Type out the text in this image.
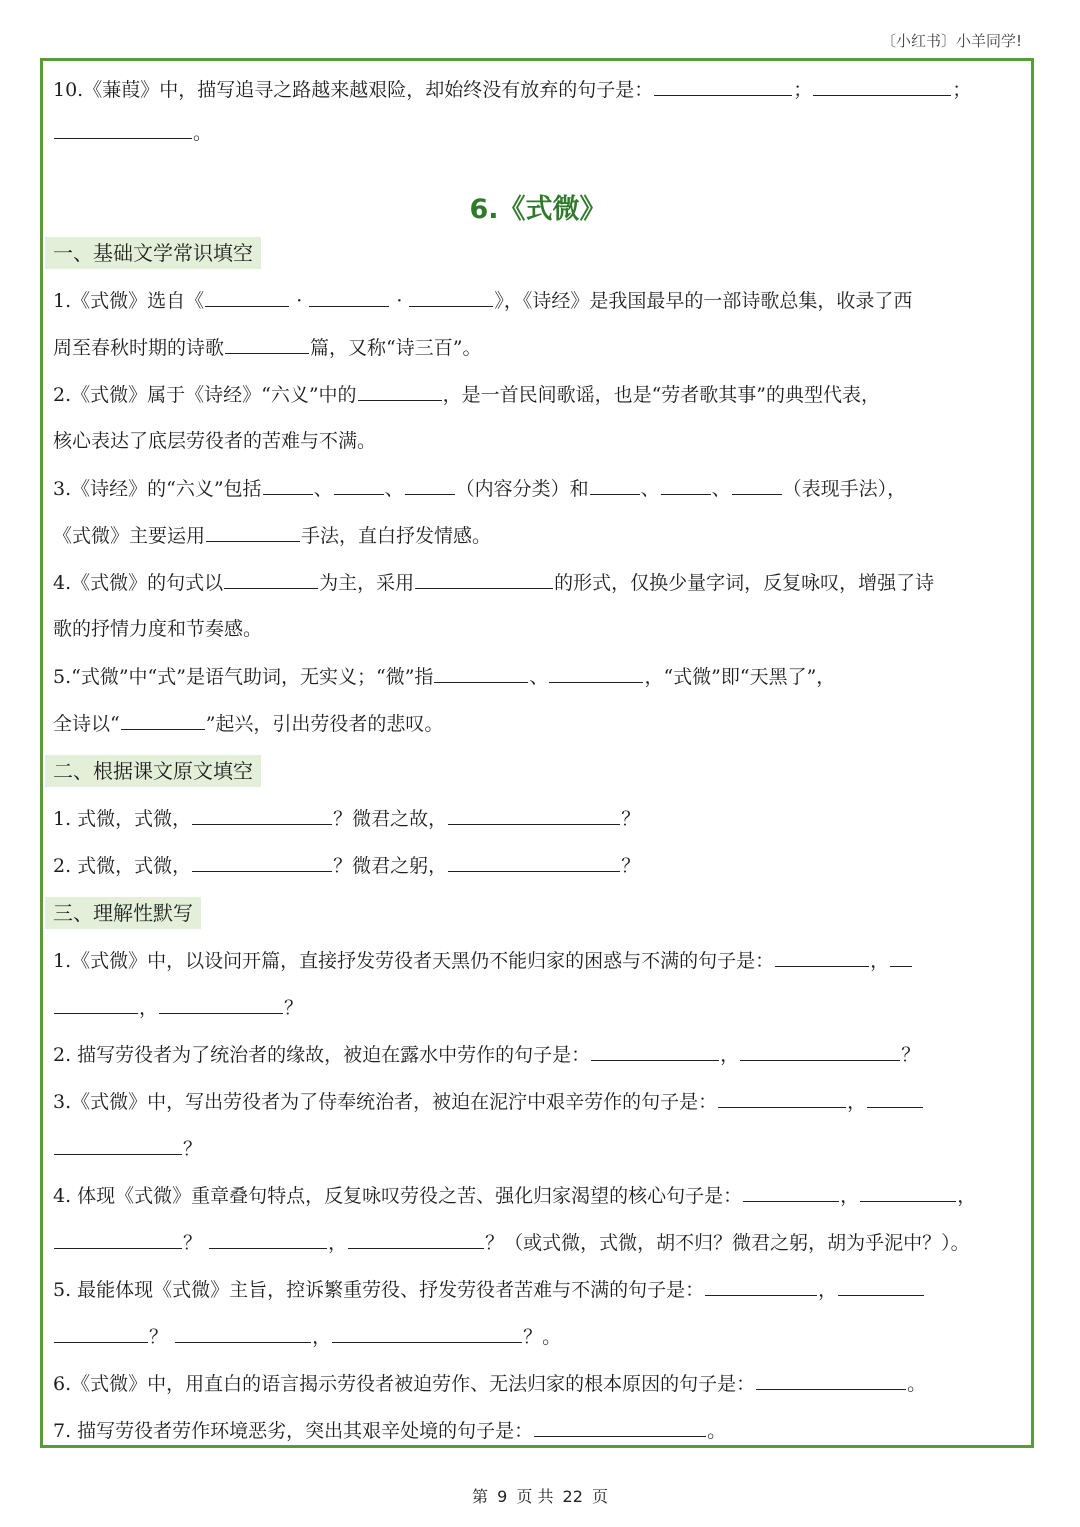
〔小红书〕小羊同学!
10.《蒹葭》中，描写追寻之路越来越艰险，却始终没有放弃的句子是：	；	；
。
6.《式微》
一、基础文学常识填空
1.《式微》选自《	·	·	》，《诗经》是我国最早的一部诗歌总集，收录了西
周至春秋时期的诗歌	篇，又称“诗三百”。
2.《式微》属于《诗经》“六义”中的	，是一首民间歌谣，也是“劳者歌其事”的典型代表，
核心表达了底层劳役者的苦难与不满。
3.《诗经》的“六义”包括	、	、	（内容分类）和	、	、	（表现手法），
《式微》主要运用	手法，直白抒发情感。
4.《式微》的句式以	为主，采用	的形式，仅换少量字词，反复咏叹，增强了诗
歌的抒情力度和节奏感。
5.“式微”中“式”是语气助词，无实义；“微”指	、	，“式微”即“天黑了”，
全诗以“	”起兴，引出劳役者的悲叹。
二、根据课文原文填空
1. 式微，式微，	？微君之故，	？
2. 式微，式微，	？微君之躬，	？
三、理解性默写
1.《式微》中，以设问开篇，直接抒发劳役者天黑仍不能归家的困惑与不满的句子是：	，
，	？
2. 描写劳役者为了统治者的缘故，被迫在露水中劳作的句子是：	，	？
3.《式微》中，写出劳役者为了侍奉统治者，被迫在泥泞中艰辛劳作的句子是：	，
？
4. 体现《式微》重章叠句特点，反复咏叹劳役之苦、强化归家渴望的核心句子是：	，	，
？	，	？（或式微，式微，胡不归？微君之躬，胡为乎泥中？）。
5. 最能体现《式微》主旨，控诉繁重劳役、抒发劳役者苦难与不满的句子是：	，
？	，	？。
6.《式微》中，用直白的语言揭示劳役者被迫劳作、无法归家的根本原因的句子是：	。
7. 描写劳役者劳作环境恶劣，突出其艰辛处境的句子是：	。
第 9 页 共 22 页
